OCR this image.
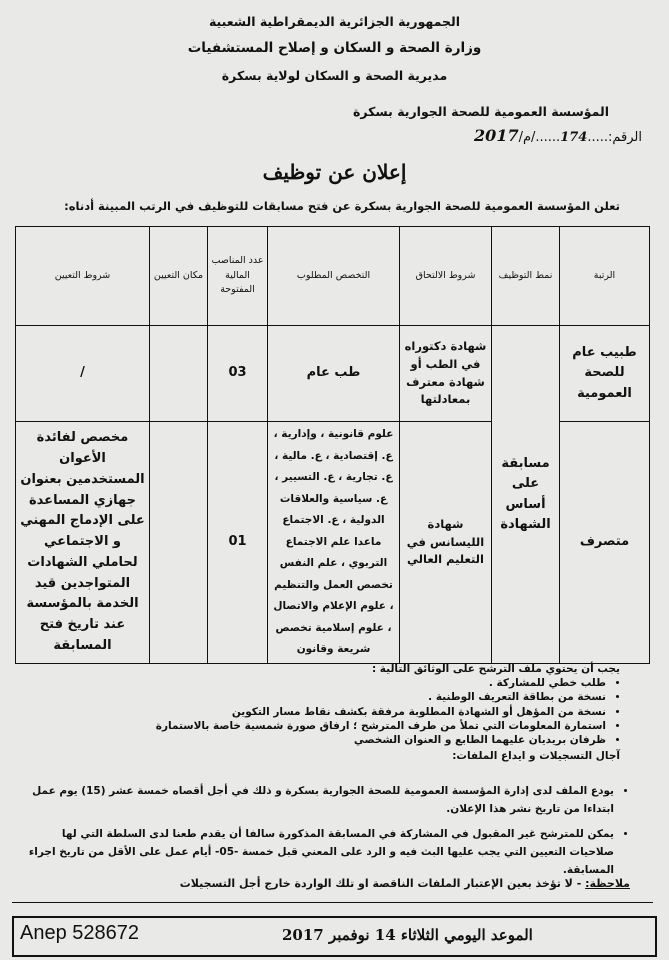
الجمهورية الجزائرية الديمقراطية الشعبية
وزارة الصحة و السكان و إصلاح المستشفيات
مديرية الصحة و السكان لولاية بسكرة
المؤسسة العمومية للصحة الجوارية بسكرة
الرقم:.....174....../م/2017
إعلان عن توظيف
تعلن المؤسسة العمومية للصحة الجوارية بسكرة عن فتح مسابقات للتوظيف في الرتب المبينة أدناه:
الرتبة	نمط التوظيف	شروط الالتحاق	التخصص المطلوب	عدد المناصب المالية المفتوحة	مكان التعيين	شروط التعيين
طبيب عام للصحة العمومية	مسابقة على أساس الشهادة	شهادة دكتوراه في الطب أو شهادة معترف بمعادلتها	طب عام	03		/
متصرف		شهادة الليسانس في التعليم العالي	علوم قانونية ، وإدارية ، ع. إقتصادية ، ع. مالية ، ع. تجارية ، ع. التسيير ، ع. سياسية والعلاقات الدولية ، ع. الاجتماع ماعدا علم الاجتماع التربوي ، علم النفس تخصص العمل والتنظيم ، علوم الإعلام والاتصال ، علوم إسلامية تخصص شريعة وقانون	01		مخصص لفائدة الأعوان المستخدمين بعنوان جهازي المساعدة على الإدماج المهني و الاجتماعي لحاملي الشهادات المتواجدين قيد الخدمة بالمؤسسة عند تاريخ فتح المسابقة
يجب أن يحتوي ملف الترشح على الوثائق التالية :
• طلب خطي للمشاركة .
• نسخة من بطاقة التعريف الوطنية .
• نسخة من المؤهل أو الشهادة المطلوبة مرفقة بكشف نقاط مسار التكوين
• استمارة المعلومات التي تملأ من طرف المترشح ؛ ارفاق صورة شمسية خاصة بالاستمارة
• ظرفان بريديان عليهما الطابع و العنوان الشخصي
آجال التسجيلات و ايداع الملفات:
• يودع الملف لدى إدارة المؤسسة العمومية للصحة الجوارية بسكرة و ذلك في أجل أقصاه خمسة عشر (15) يوم عمل ابتداءا من تاريخ نشر هذا الإعلان.
• يمكن للمترشح غير المقبول في المشاركة في المسابقة المذكورة سالفا أن يقدم طعنا لدى السلطة التي لها صلاحيات التعيين التي يجب عليها البث فيه و الرد على المعني قبل خمسة -05- أيام عمل على الأقل من تاريخ اجراء المسابقة.
ملاحظة: - لا تؤخذ بعين الإعتبار الملفات الناقصة او تلك الواردة خارج أجل التسجيلات
Anep 528672	الموعد اليومي الثلاثاء 14 نوفمبر 2017
